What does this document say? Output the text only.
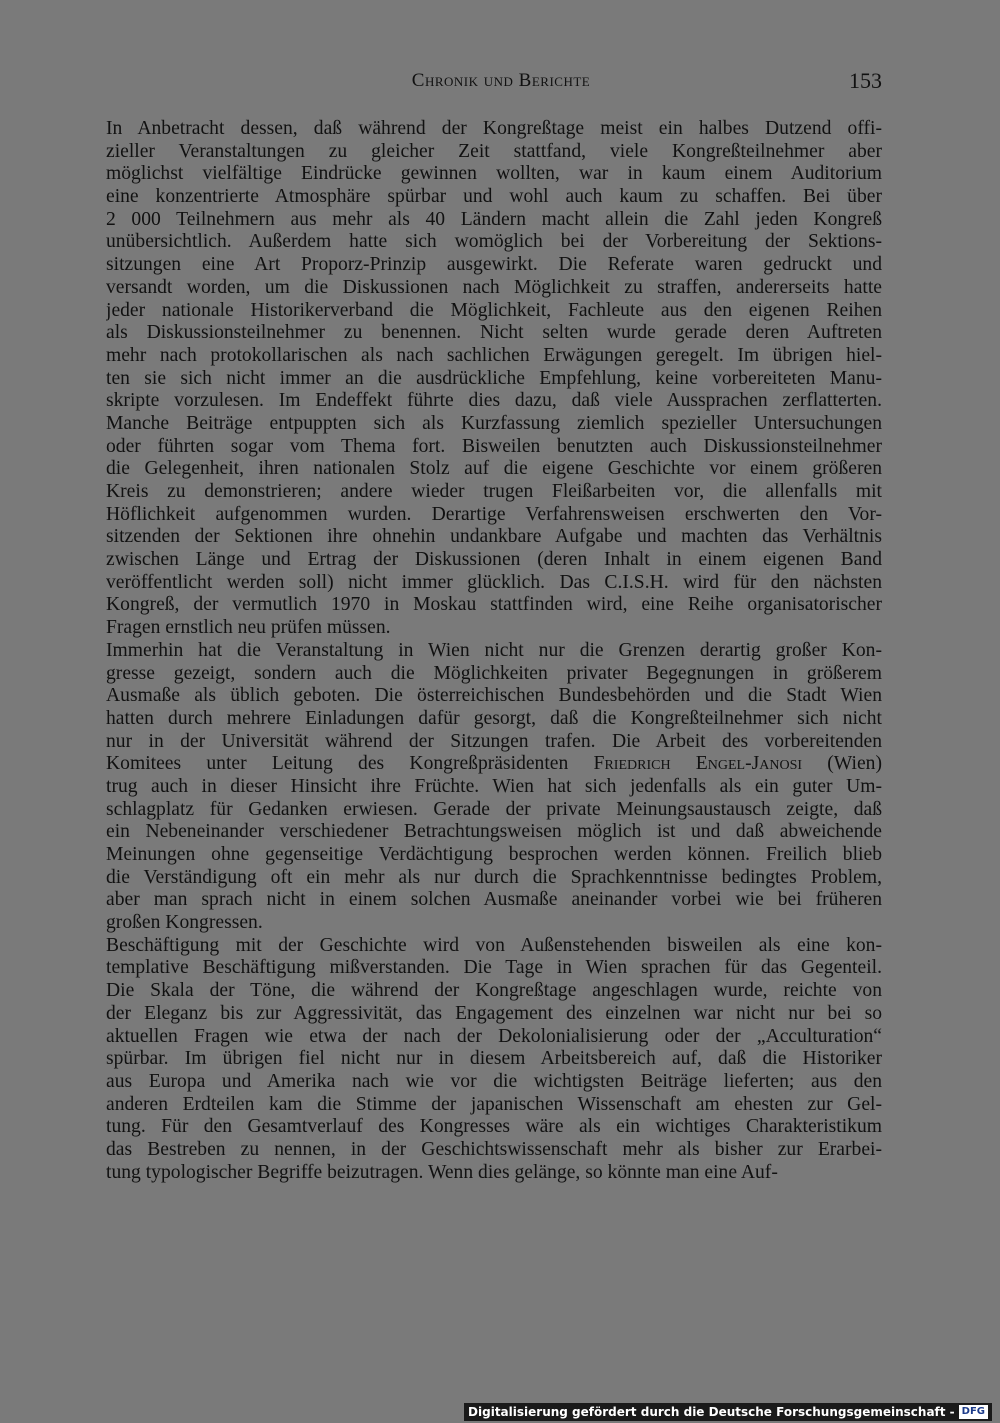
Chronik und Berichte	153
In Anbetracht dessen, daß während der Kongreßtage meist ein halbes Dutzend offi-
zieller Veranstaltungen zu gleicher Zeit stattfand, viele Kongreßteilnehmer aber
möglichst vielfältige Eindrücke gewinnen wollten, war in kaum einem Auditorium
eine konzentrierte Atmosphäre spürbar und wohl auch kaum zu schaffen. Bei über
2 000 Teilnehmern aus mehr als 40 Ländern macht allein die Zahl jeden Kongreß
unübersichtlich. Außerdem hatte sich womöglich bei der Vorbereitung der Sektions-
sitzungen eine Art Proporz-Prinzip ausgewirkt. Die Referate waren gedruckt und
versandt worden, um die Diskussionen nach Möglichkeit zu straffen, andererseits hatte
jeder nationale Historikerverband die Möglichkeit, Fachleute aus den eigenen Reihen
als Diskussionsteilnehmer zu benennen. Nicht selten wurde gerade deren Auftreten
mehr nach protokollarischen als nach sachlichen Erwägungen geregelt. Im übrigen hiel-
ten sie sich nicht immer an die ausdrückliche Empfehlung, keine vorbereiteten Manu-
skripte vorzulesen. Im Endeffekt führte dies dazu, daß viele Aussprachen zerflatterten.
Manche Beiträge entpuppten sich als Kurzfassung ziemlich spezieller Untersuchungen
oder führten sogar vom Thema fort. Bisweilen benutzten auch Diskussionsteilnehmer
die Gelegenheit, ihren nationalen Stolz auf die eigene Geschichte vor einem größeren
Kreis zu demonstrieren; andere wieder trugen Fleißarbeiten vor, die allenfalls mit
Höflichkeit aufgenommen wurden. Derartige Verfahrensweisen erschwerten den Vor-
sitzenden der Sektionen ihre ohnehin undankbare Aufgabe und machten das Verhältnis
zwischen Länge und Ertrag der Diskussionen (deren Inhalt in einem eigenen Band
veröffentlicht werden soll) nicht immer glücklich. Das C.I.S.H. wird für den nächsten
Kongreß, der vermutlich 1970 in Moskau stattfinden wird, eine Reihe organisatorischer
Fragen ernstlich neu prüfen müssen.
Immerhin hat die Veranstaltung in Wien nicht nur die Grenzen derartig großer Kon-
gresse gezeigt, sondern auch die Möglichkeiten privater Begegnungen in größerem
Ausmaße als üblich geboten. Die österreichischen Bundesbehörden und die Stadt Wien
hatten durch mehrere Einladungen dafür gesorgt, daß die Kongreßteilnehmer sich nicht
nur in der Universität während der Sitzungen trafen. Die Arbeit des vorbereitenden
Komitees unter Leitung des Kongreßpräsidenten Friedrich Engel-Janosi (Wien)
trug auch in dieser Hinsicht ihre Früchte. Wien hat sich jedenfalls als ein guter Um-
schlagplatz für Gedanken erwiesen. Gerade der private Meinungsaustausch zeigte, daß
ein Nebeneinander verschiedener Betrachtungsweisen möglich ist und daß abweichende
Meinungen ohne gegenseitige Verdächtigung besprochen werden können. Freilich blieb
die Verständigung oft ein mehr als nur durch die Sprachkenntnisse bedingtes Problem,
aber man sprach nicht in einem solchen Ausmaße aneinander vorbei wie bei früheren
großen Kongressen.
Beschäftigung mit der Geschichte wird von Außenstehenden bisweilen als eine kon-
templative Beschäftigung mißverstanden. Die Tage in Wien sprachen für das Gegenteil.
Die Skala der Töne, die während der Kongreßtage angeschlagen wurde, reichte von
der Eleganz bis zur Aggressivität, das Engagement des einzelnen war nicht nur bei so
aktuellen Fragen wie etwa der nach der Dekolonialisierung oder der „Acculturation“
spürbar. Im übrigen fiel nicht nur in diesem Arbeitsbereich auf, daß die Historiker
aus Europa und Amerika nach wie vor die wichtigsten Beiträge lieferten; aus den
anderen Erdteilen kam die Stimme der japanischen Wissenschaft am ehesten zur Gel-
tung. Für den Gesamtverlauf des Kongresses wäre als ein wichtiges Charakteristikum
das Bestreben zu nennen, in der Geschichtswissenschaft mehr als bisher zur Erarbei-
tung typologischer Begriffe beizutragen. Wenn dies gelänge, so könnte man eine Auf-
Digitalisierung gefördert durch die Deutsche Forschungsgemeinschaft - DFG
